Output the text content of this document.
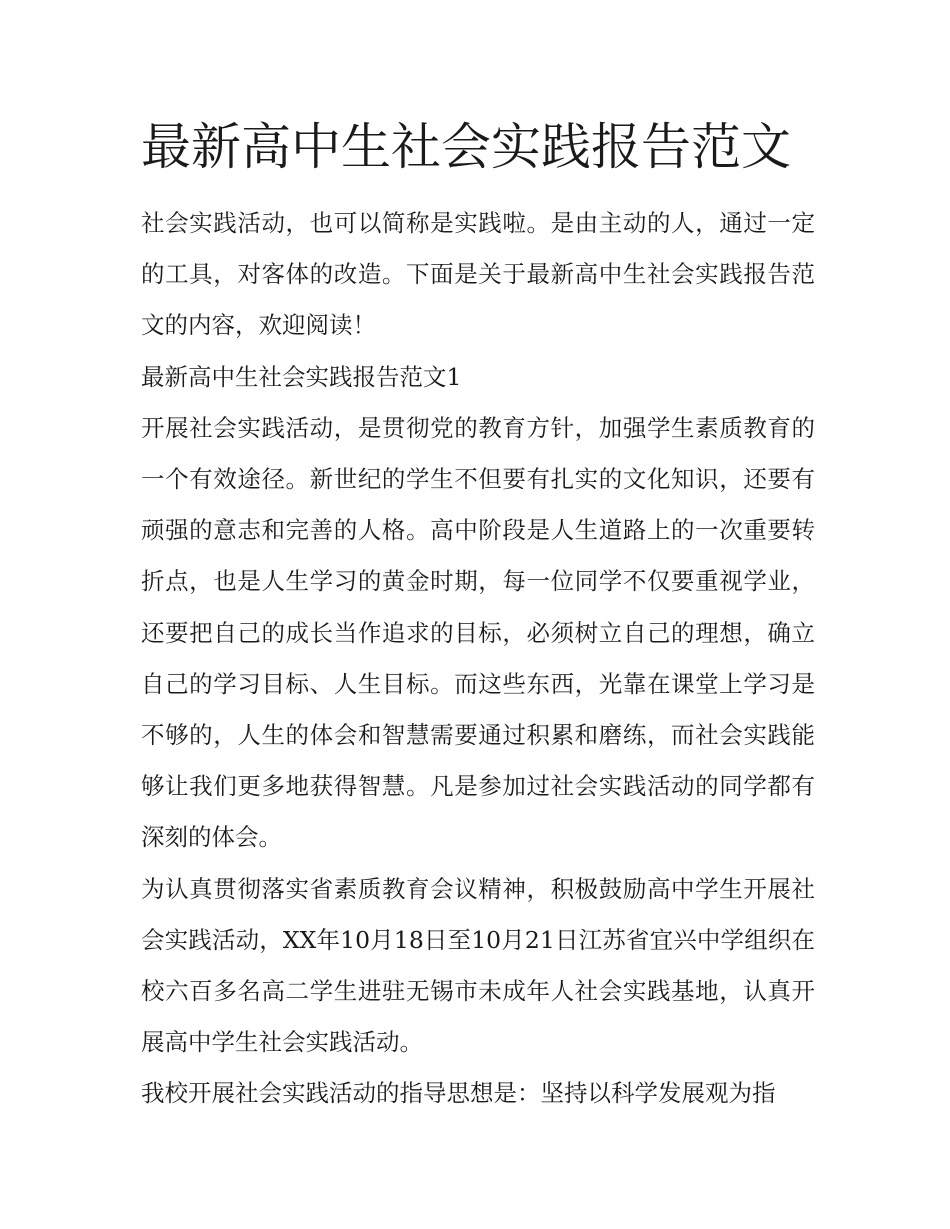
最新高中生社会实践报告范文

社会实践活动，也可以简称是实践啦。是由主动的人，通过一定的工具，对客体的改造。下面是关于最新高中生社会实践报告范文的内容，欢迎阅读！

最新高中生社会实践报告范文1

开展社会实践活动，是贯彻党的教育方针，加强学生素质教育的一个有效途径。新世纪的学生不但要有扎实的文化知识，还要有顽强的意志和完善的人格。高中阶段是人生道路上的一次重要转折点，也是人生学习的黄金时期，每一位同学不仅要重视学业，还要把自己的成长当作追求的目标，必须树立自己的理想，确立自己的学习目标、人生目标。而这些东西，光靠在课堂上学习是不够的，人生的体会和智慧需要通过积累和磨练，而社会实践能够让我们更多地获得智慧。凡是参加过社会实践活动的同学都有深刻的体会。

为认真贯彻落实省素质教育会议精神，积极鼓励高中学生开展社会实践活动，XX年10月18日至10月21日江苏省宜兴中学组织在校六百多名高二学生进驻无锡市未成年人社会实践基地，认真开展高中学生社会实践活动。

我校开展社会实践活动的指导思想是：坚持以科学发展观为指
